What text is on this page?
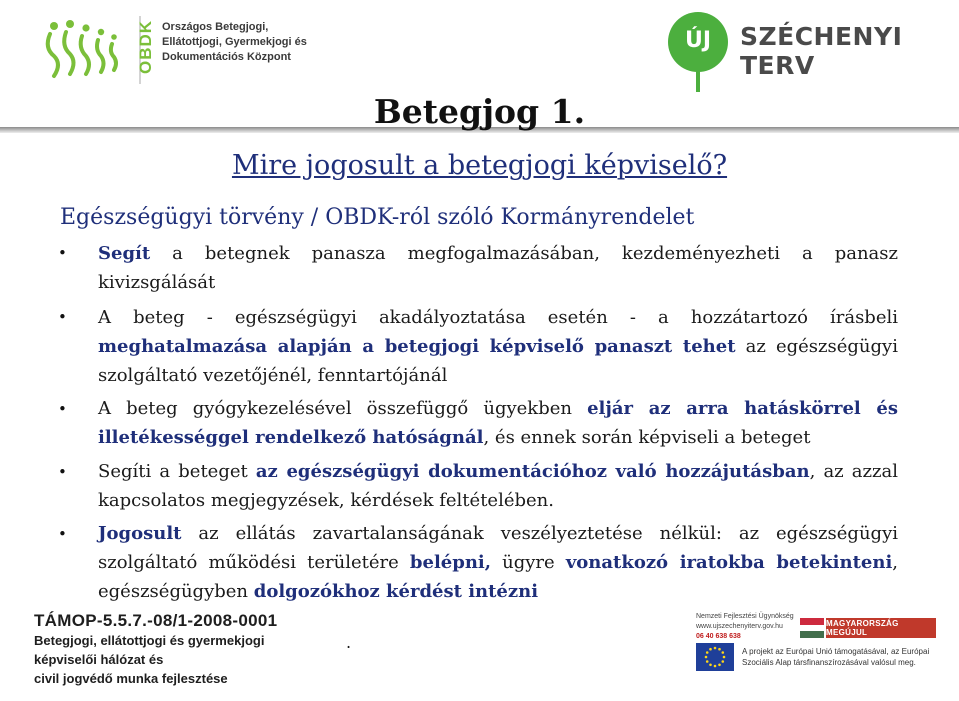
OBDK Országos Betegjogi,
Ellátottjogi, Gyermekjogi és
Dokumentációs Központ
ÚJ	SZÉCHENYI TERV
Betegjog 1.
Mire jogosult a betegjogi képviselő?
Egészségügyi törvény / OBDK-ról szóló Kormányrendelet
• Segít a betegnek panasza megfogalmazásában, kezdeményezheti a panasz kivizsgálását
• A beteg - egészségügyi akadályoztatása esetén - a hozzátartozó írásbeli meghatalmazása alapján a betegjogi képviselő panaszt tehet az egészségügyi szolgáltató vezetőjénél, fenntartójánál
• A beteg gyógykezelésével összefüggő ügyekben eljár az arra hatáskörrel és illetékességgel rendelkező hatóságnál, és ennek során képviseli a beteget
• Segíti a beteget az egészségügyi dokumentációhoz való hozzájutásban, az azzal kapcsolatos megjegyzések, kérdések feltételében.
• Jogosult az ellátás zavartalanságának veszélyeztetése nélkül: az egészségügyi szolgáltató működési területére belépni, ügyre vonatkozó iratokba betekinteni, egészségügyben dolgozókhoz kérdést intézni
TÁMOP-5.5.7.-08/1-2008-0001
Betegjogi, ellátottjogi és gyermekjogi
képviselői hálózat és
civil jogvédő munka fejlesztése
.
Nemzeti Fejlesztési Ügynökség
www.ujszechenyiterv.gov.hu
06 40 638 638
MAGYARORSZÁG MEGÚJUL
A projekt az Európai Unió támogatásával, az Európai Szociális Alap társfinanszírozásával valósul meg.
